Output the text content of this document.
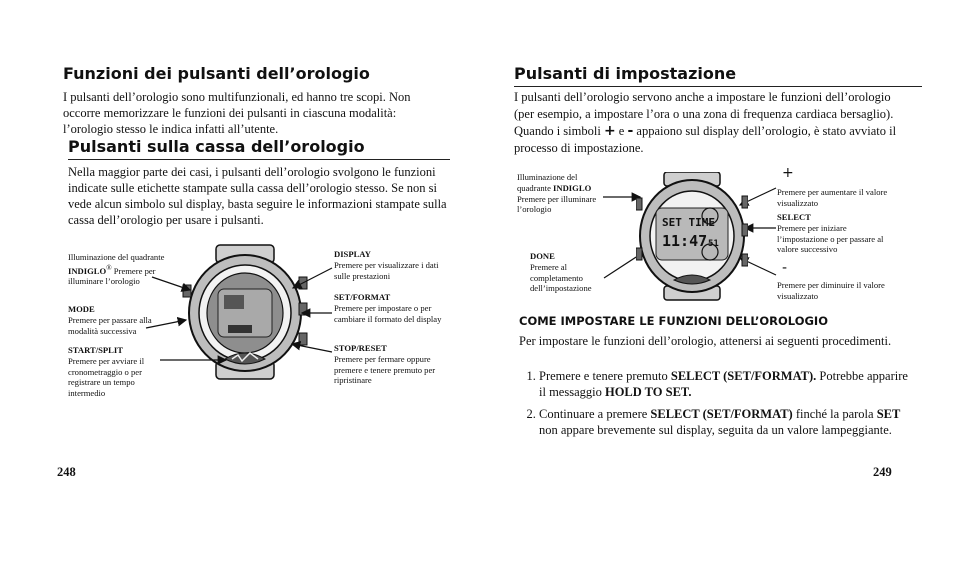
Funzioni dei pulsanti dell’orologio
I pulsanti dell’orologio sono multifunzionali, ed hanno tre scopi. Non occorre memorizzare le funzioni dei pulsanti in ciascuna modalità: l’orologio stesso le indica infatti all’utente.
Pulsanti sulla cassa dell’orologio
Nella maggior parte dei casi, i pulsanti dell’orologio svolgono le funzioni indicate sulle etichette stampate sulla cassa dell’orologio stesso. Se non si vede alcun simbolo sul display, basta seguire le informazioni stampate sulla cassa dell’orologio per usare i pulsanti.
Illuminazione del quadrante INDIGLO® Premere per illuminare l’orologio
MODE
Premere per passare alla modalità successiva
START/SPLIT
Premere per avviare il cronometraggio o per registrare un tempo intermedio
DISPLAY
Premere per visualizzare i dati sulle prestazioni
SET/FORMAT
Premere per impostare o per cambiare il formato del display
STOP/RESET
Premere per fermare oppure premere e tenere premuto per ripristinare
248
Pulsanti di impostazione
I pulsanti dell’orologio servono anche a impostare le funzioni dell’orologio (per esempio, a impostare l’ora o una zona di frequenza cardiaca bersaglio). Quando i simboli + e - appaiono sul display dell’orologio, è stato avviato il processo di impostazione.
SET TIME
11:47 51
Illuminazione del quadrante INDIGLO Premere per illuminare l’orologio
DONE
Premere al completamento dell’impostazione
+
Premere per aumentare il valore visualizzato
SELECT
Premere per iniziare l’impostazione o per passare al valore successivo
-
Premere per diminuire il valore visualizzato
COME IMPOSTARE LE FUNZIONI DELL’OROLOGIO
Per impostare le funzioni dell’orologio, attenersi ai seguenti procedimenti.
1. Premere e tenere premuto SELECT (SET/FORMAT). Potrebbe apparire il messaggio HOLD TO SET.
2. Continuare a premere SELECT (SET/FORMAT) finché la parola SET non appare brevemente sul display, seguita da un valore lampeggiante.
249
